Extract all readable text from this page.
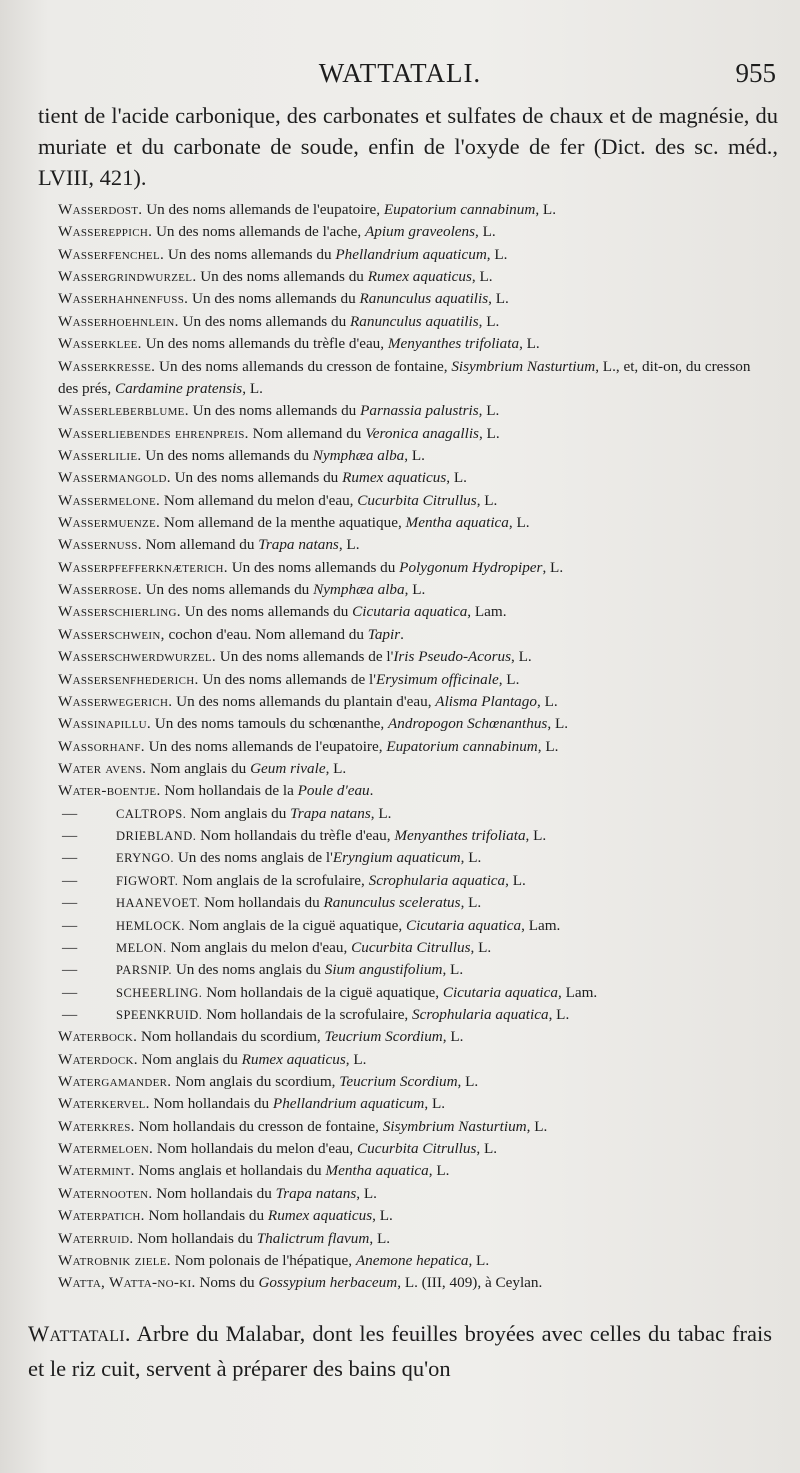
WATTATALI.	955

tient de l'acide carbonique, des carbonates et sulfates de chaux et de magnésie, du muriate et du carbonate de soude, enfin de l'oxyde de fer (Dict. des sc. méd., LVIII, 421).

Wasserdost. Un des noms allemands de l'eupatoire, Eupatorium cannabinum, L.
Wassereppich. Un des noms allemands de l'ache, Apium graveolens, L.
Wasserfenchel. Un des noms allemands du Phellandrium aquaticum, L.
Wassergrindwurzel. Un des noms allemands du Rumex aquaticus, L.
Wasserhahnenfuss. Un des noms allemands du Ranunculus aquatilis, L.
Wasserhoehnlein. Un des noms allemands du Ranunculus aquatilis, L.
Wasserklee. Un des noms allemands du trèfle d'eau, Menyanthes trifoliata, L.
Wasserkresse. Un des noms allemands du cresson de fontaine, Sisymbrium Nasturtium, L., et, dit-on, du cresson des prés, Cardamine pratensis, L.
Wasserleberblume. Un des noms allemands du Parnassia palustris, L.
Wasserliebendes ehrenpreis. Nom allemand du Veronica anagallis, L.
Wasserlilie. Un des noms allemands du Nymphæa alba, L.
Wassermangold. Un des noms allemands du Rumex aquaticus, L.
Wassermelone. Nom allemand du melon d'eau, Cucurbita Citrullus, L.
Wassermuenze. Nom allemand de la menthe aquatique, Mentha aquatica, L.
Wassernuss. Nom allemand du Trapa natans, L.
Wasserpfefferknæterich. Un des noms allemands du Polygonum Hydropiper, L.
Wasserrose. Un des noms allemands du Nymphæa alba, L.
Wasserschierling. Un des noms allemands du Cicutaria aquatica, Lam.
Wasserschwein, cochon d'eau. Nom allemand du Tapir.
Wasserschwerdwurzel. Un des noms allemands de l'Iris Pseudo-Acorus, L.
Wassersenfhederich. Un des noms allemands de l'Erysimum officinale, L.
Wasserwegerich. Un des noms allemands du plantain d'eau, Alisma Plantago, L.
Wassinapillu. Un des noms tamouls du schœnanthe, Andropogon Schœnanthus, L.
Wassorhanf. Un des noms allemands de l'eupatoire, Eupatorium cannabinum, L.
Water avens. Nom anglais du Geum rivale, L.
Water-boentje. Nom hollandais de la Poule d'eau.
—	CALTROPS. Nom anglais du Trapa natans, L.
—	DRIEBLAND. Nom hollandais du trèfle d'eau, Menyanthes trifoliata, L.
—	ERYNGO. Un des noms anglais de l'Eryngium aquaticum, L.
—	FIGWORT. Nom anglais de la scrofulaire, Scrophularia aquatica, L.
—	HAANEVOET. Nom hollandais du Ranunculus sceleratus, L.
—	HEMLOCK. Nom anglais de la ciguë aquatique, Cicutaria aquatica, Lam.
—	MELON. Nom anglais du melon d'eau, Cucurbita Citrullus, L.
—	PARSNIP. Un des noms anglais du Sium angustifolium, L.
—	SCHEERLING. Nom hollandais de la ciguë aquatique, Cicutaria aquatica, Lam.
—	SPEENKRUID. Nom hollandais de la scrofulaire, Scrophularia aquatica, L.
Waterbock. Nom hollandais du scordium, Teucrium Scordium, L.
Waterdock. Nom anglais du Rumex aquaticus, L.
Watergamander. Nom anglais du scordium, Teucrium Scordium, L.
Waterkervel. Nom hollandais du Phellandrium aquaticum, L.
Waterkres. Nom hollandais du cresson de fontaine, Sisymbrium Nasturtium, L.
Watermeloen. Nom hollandais du melon d'eau, Cucurbita Citrullus, L.
Watermint. Noms anglais et hollandais du Mentha aquatica, L.
Waternooten. Nom hollandais du Trapa natans, L.
Waterpatich. Nom hollandais du Rumex aquaticus, L.
Waterruid. Nom hollandais du Thalictrum flavum, L.
Watrobnik ziele. Nom polonais de l'hépatique, Anemone hepatica, L.
Watta, Watta-no-ki. Noms du Gossypium herbaceum, L. (III, 409), à Ceylan.

Wattatali. Arbre du Malabar, dont les feuilles broyées avec celles du tabac frais et le riz cuit, servent à préparer des bains qu'on
